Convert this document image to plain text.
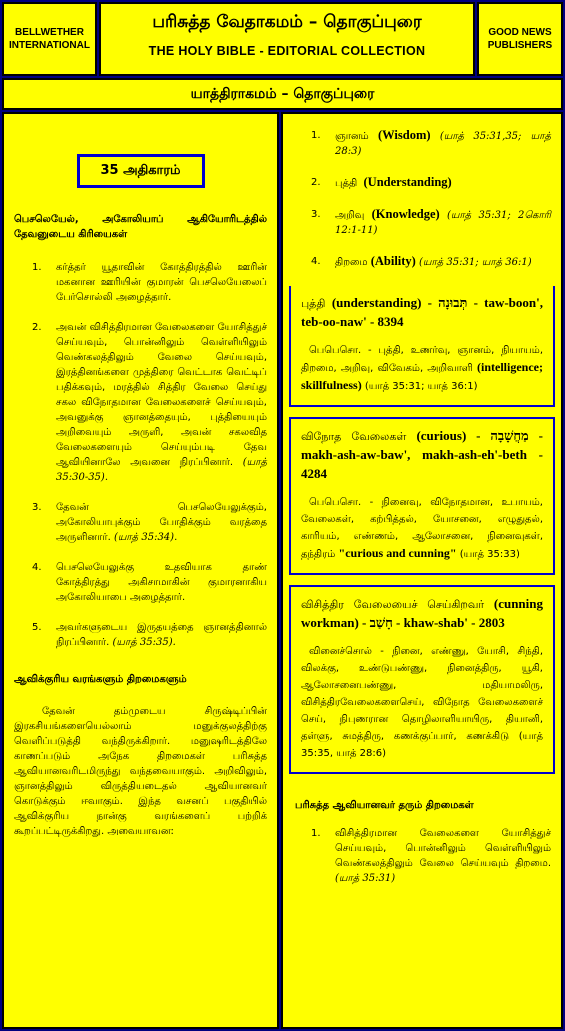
BELLWETHER
INTERNATIONAL
பரிசுத்த வேதாகமம் – தொகுப்புரை
THE HOLY BIBLE - EDITORIAL COLLECTION
GOOD NEWS
PUBLISHERS
யாத்திராகமம் – தொகுப்புரை
35 அதிகாரம்
பெசலெயேல், அகோலியாப் ஆகியோரிடத்தில் தேவனுடைய கிரியைகள்
1.	கர்த்தர் யூதாவின் கோத்திரத்தில் ஊரின் மகனான ஊரியின் குமாரன் பெசலெயேலைப் பேர்சொல்லி அழைத்தார்.
2.	அவன் விசித்திரமான வேலைகளை யோசித்துச் செய்யவும், பொன்னிலும் வெள்ளியிலும் வெண்கலத்திலும் வேலை செய்யவும், இரத்தினங்களை முத்திரை வெட்டாக வெட்டிப் பதிக்கவும், மரத்தில் சித்திர வேலை செய்து சகல விநோதமான வேலைகளைச் செய்யவும், அவனுக்கு ஞானத்தையும், புத்தியையும் அறிவையும் அருளி, அவன் சகலவித வேலைகளையும் செய்யும்படி தேவ ஆவியினாலே அவனை நிரப்பினார். (யாத் 35:30-35).
3.	தேவன் பெசலெயேலுக்கும், அகோலியாபுக்கும் போதிக்கும் வரத்தை அருளினார். (யாத் 35:34).
4.	பெசலெயேலுக்கு உதவியாக தாண் கோத்திரத்து அகிசாமாகின் குமாரனாகிய அகோலியாபை அழைத்தார்.
5.	அவர்களுடைய இருதயத்தை ஞானத்தினால் நிரப்பினார். (யாத் 35:35).
ஆவிக்குரிய வரங்களும் திறமைகளும்
தேவன் தம்முடைய சிருஷ்டிப்பின் இரகசியங்களையெல்லாம் மனுக்குலத்திற்கு வெளிப்படுத்தி வந்திருக்கிறார். மனுஷரிடத்திலே காணப்படும் அநேக திறமைகள் பரிசுத்த ஆவியானவரிடமிருந்து வந்தவையாகும். அறிவிலும், ஞானத்திலும் விருத்தியடைதல் ஆவியானவர் கொடுக்கும் ஈவாகும். இந்த வசனப் பகுதியில் ஆவிக்குரிய நான்கு வரங்களைப் பற்றிக் கூறப்பட்டிருக்கிறது. அவையாவன:
1.	ஞானம் (Wisdom) (யாத் 35:31,35; யாத் 28:3)
2.	புத்தி (Understanding)
3.	அறிவு (Knowledge) (யாத் 35:31; 2கொரி 12:1-11)
4.	திறமை (Ability) (யாத் 35:31; யாத் 36:1)
புத்தி (understanding) - תְּבוּנָה - taw-boon', teb-oo-naw' - 8394
பெபெசொ. - புத்தி, உணர்வு, ஞானம், நியாயம், திறமை, அறிவு, விவேகம், அறிவாளி (intelligence; skillfulness) (யாத் 35:31; யாத் 36:1)
விநோத வேலைகள் (curious) - מַחֲשָׁבָה - makh-ash-aw-baw', makh-ash-eh'-beth - 4284
பெபெசொ. - நினைவு, விநோதமான, உபாயம், வேலைகள், கற்பித்தல், யோசனை, எழுதுதல், காரியம், எண்ணம், ஆலோசனை, நினைவுகள், தந்திரம் "curious and cunning" (யாத் 35:33)
விசித்திர வேலையைச் செய்கிறவர் (cunning workman) - חָשַׁב - khaw-shab' - 2803
வினைச்சொல் - நினை, எண்ணு, யோசி, சிந்தி, விலக்கு, உண்டுபண்ணு, நினைத்திரு, யூகி, ஆலோசனைபண்ணு, மதியாமலிரு, விசித்திரவேலைகளைசெய், விநோத வேலைகளைச் செய், நிபுணரான தொழிலாளியாயிரு, தியானி, தள்ளு, சுமத்திரு, கணக்குப்பார், கணக்கிடு (யாத் 35:35, யாத் 28:6)
பரிசுத்த ஆவியானவர் தரும் திறமைகள்
1.	விசித்திரமான வேலைகளை யோசித்துச் செய்யவும், பொன்னிலும் வெள்ளியிலும் வெண்கலத்திலும் வேலை செய்யவும் திறமை. (யாத் 35:31)
